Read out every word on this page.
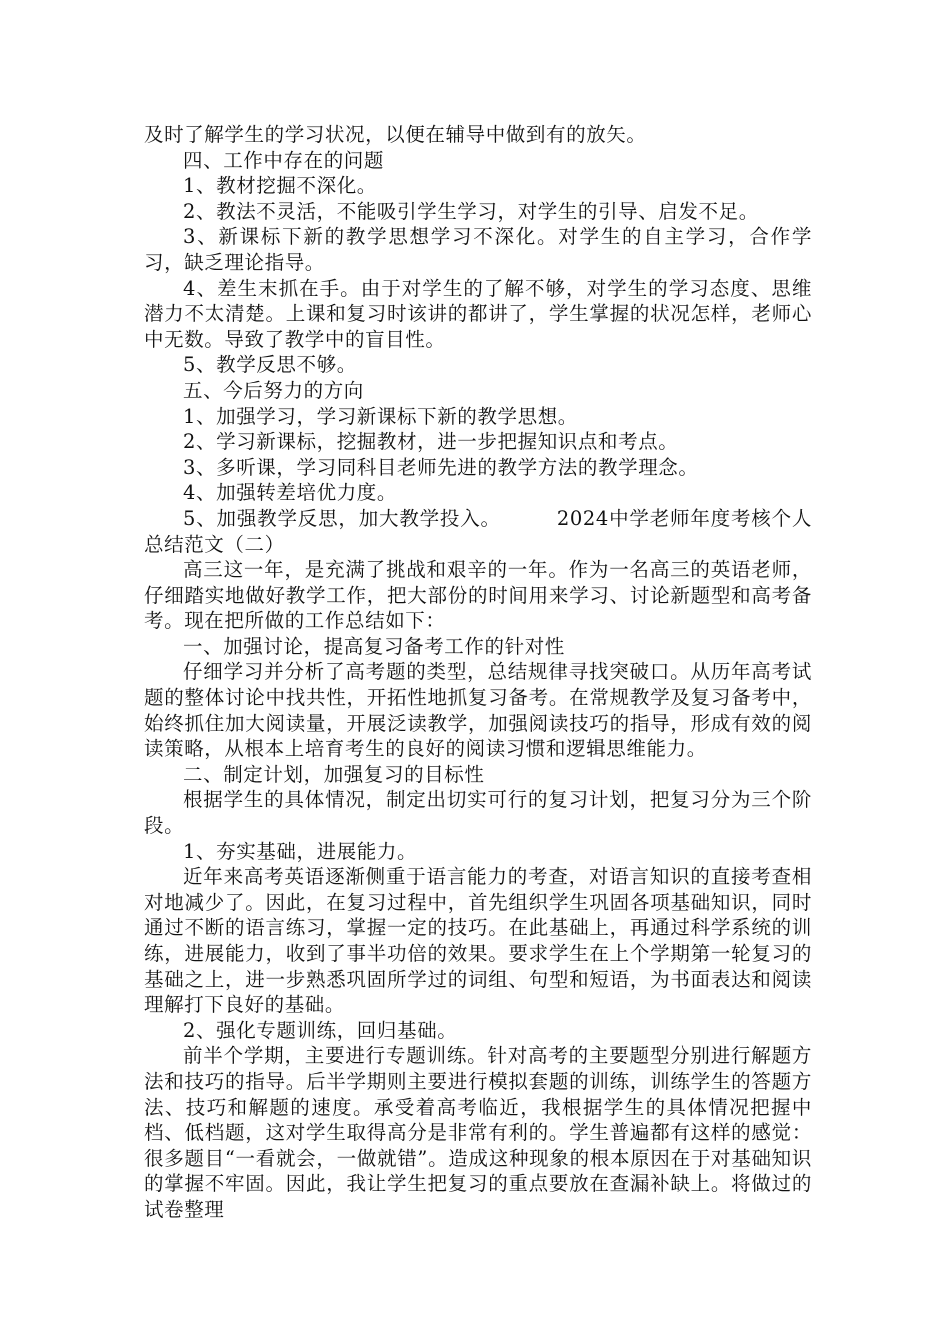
及时了解学生的学习状况，以便在辅导中做到有的放矢。

四、工作中存在的问题

1、教材挖掘不深化。

2、教法不灵活，不能吸引学生学习，对学生的引导、启发不足。

3、新课标下新的教学思想学习不深化。对学生的自主学习，合作学习，缺乏理论指导。

4、差生末抓在手。由于对学生的了解不够，对学生的学习态度、思维潜力不太清楚。上课和复习时该讲的都讲了，学生掌握的状况怎样，老师心中无数。导致了教学中的盲目性。

5、教学反思不够。

五、今后努力的方向

1、加强学习，学习新课标下新的教学思想。

2、学习新课标，挖掘教材，进一步把握知识点和考点。

3、多听课，学习同科目老师先进的教学方法的教学理念。

4、加强转差培优力度。

5、加强教学反思，加大教学投入。	2024中学老师年度考核个人总结范文（二）

高三这一年，是充满了挑战和艰辛的一年。作为一名高三的英语老师，仔细踏实地做好教学工作，把大部份的时间用来学习、讨论新题型和高考备考。现在把所做的工作总结如下：

一、加强讨论，提高复习备考工作的针对性

仔细学习并分析了高考题的类型，总结规律寻找突破口。从历年高考试题的整体讨论中找共性，开拓性地抓复习备考。在常规教学及复习备考中，始终抓住加大阅读量，开展泛读教学，加强阅读技巧的指导，形成有效的阅读策略，从根本上培育考生的良好的阅读习惯和逻辑思维能力。

二、制定计划，加强复习的目标性

根据学生的具体情况，制定出切实可行的复习计划，把复习分为三个阶段。

1、夯实基础，进展能力。

近年来高考英语逐渐侧重于语言能力的考查，对语言知识的直接考查相对地减少了。因此，在复习过程中，首先组织学生巩固各项基础知识，同时通过不断的语言练习，掌握一定的技巧。在此基础上，再通过科学系统的训练，进展能力，收到了事半功倍的效果。要求学生在上个学期第一轮复习的基础之上，进一步熟悉巩固所学过的词组、句型和短语，为书面表达和阅读理解打下良好的基础。

2、强化专题训练，回归基础。

前半个学期，主要进行专题训练。针对高考的主要题型分别进行解题方法和技巧的指导。后半学期则主要进行模拟套题的训练，训练学生的答题方法、技巧和解题的速度。承受着高考临近，我根据学生的具体情况把握中档、低档题，这对学生取得高分是非常有利的。学生普遍都有这样的感觉：很多题目“一看就会，一做就错”。造成这种现象的根本原因在于对基础知识的掌握不牢固。因此，我让学生把复习的重点要放在查漏补缺上。将做过的试卷整理
